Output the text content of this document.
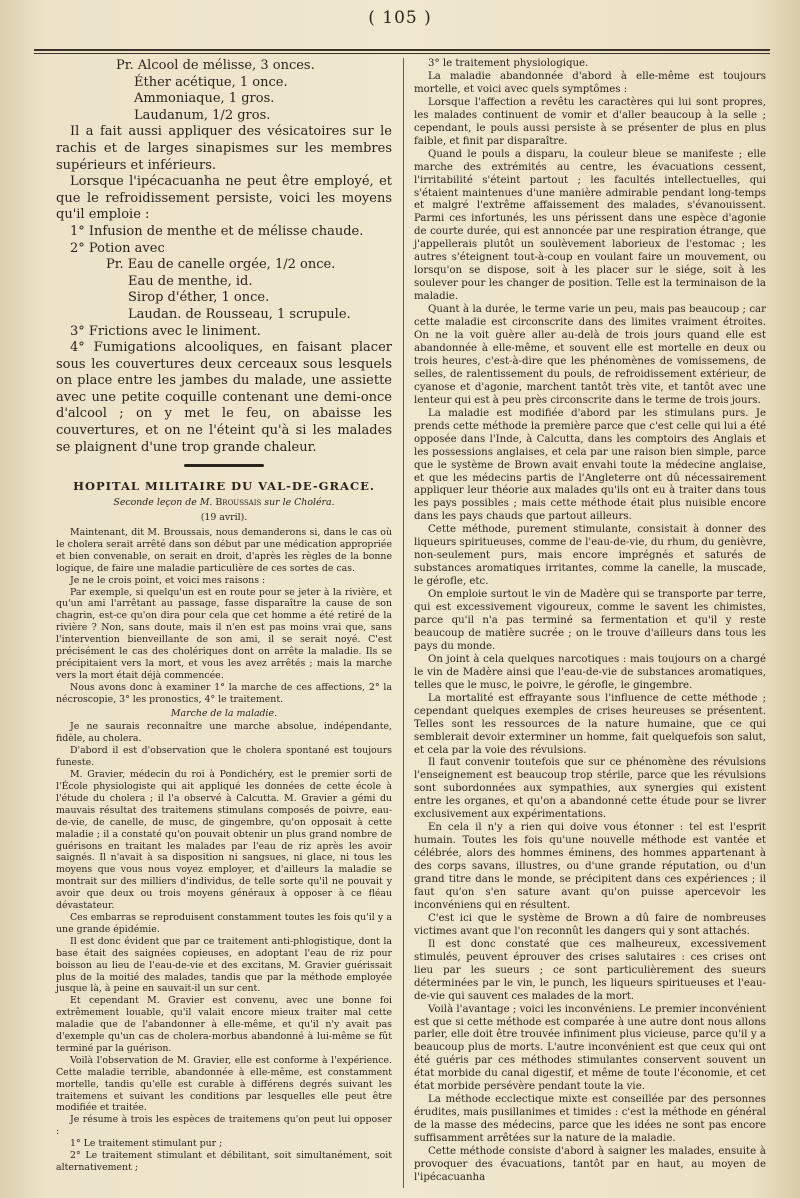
( 105 )
Pr. Alcool de mélisse, 3 onces.
Éther acétique, 1 once.
Ammoniaque, 1 gros.
Laudanum, 1/2 gros.

Il a fait aussi appliquer des vésicatoires sur le rachis et de larges sinapismes sur les membres supérieurs et inférieurs.

Lorsque l'ipécacuanha ne peut être employé, et que le refroidissement persiste, voici les moyens qu'il emploie :

1° Infusion de menthe et de mélisse chaude.

2° Potion avec

Pr. Eau de canelle orgée, 1/2 once.
Eau de menthe, id.
Sirop d'éther, 1 once.
Laudan. de Rousseau, 1 scrupule.

3° Frictions avec le liniment.

4° Fumigations alcooliques, en faisant placer sous les couvertures deux cerceaux sous lesquels on place entre les jambes du malade, une assiette avec une petite coquille contenant une demi-once d'alcool ; on y met le feu, on abaisse les couvertures, et on ne l'éteint qu'à si les malades se plaignent d'une trop grande chaleur.

HOPITAL MILITAIRE DU VAL-DE-GRACE.

Seconde leçon de M. Broussais sur le Choléra.

(19 avril).

Maintenant, dit M. Broussais, nous demanderons si, dans le cas où le cholera serait arrêté dans son début par une médication appropriée et bien convenable, on serait en droit, d'après les règles de la bonne logique, de faire une maladie particulière de ces sortes de cas.

Je ne le crois point, et voici mes raisons :

Par exemple, si quelqu'un est en route pour se jeter à la rivière, et qu'un ami l'arrêtant au passage, fasse disparaître la cause de son chagrin, est-ce qu'on dira pour cela que cet homme a été retiré de la rivière ? Non, sans doute, mais il n'en est pas moins vrai que, sans l'intervention bienveillante de son ami, il se serait noyé. C'est précisément le cas des cholériques dont on arrête la maladie. Ils se précipitaient vers la mort, et vous les avez arrêtés ; mais la marche vers la mort était déjà commencée.

Nous avons donc à examiner 1° la marche de ces affections, 2° la nécroscopie, 3° les pronostics, 4° le traitement.

Marche de la maladie.

Je ne saurais reconnaître une marche absolue, indépendante, fidèle, au cholera.

D'abord il est d'observation que le cholera spontané est toujours funeste.

M. Gravier, médecin du roi à Pondichéry, est le premier sorti de l'École physiologiste qui ait appliqué les données de cette école à l'étude du cholera ; il l'a observé à Calcutta. M. Gravier a gémi du mauvais résultat des traitemens stimulans composés de poivre, eau-de-vie, de canelle, de musc, de gingembre, qu'on opposait à cette maladie ; il a constaté qu'on pouvait obtenir un plus grand nombre de guérisons en traitant les malades par l'eau de riz après les avoir saignés. Il n'avait à sa disposition ni sangsues, ni glace, ni tous les moyens que vous nous voyez employer, et d'ailleurs la maladie se montrait sur des milliers d'individus, de telle sorte qu'il ne pouvait y avoir que deux ou trois moyens généraux à opposer à ce fléau dévastateur.

Ces embarras se reproduisent constamment toutes les fois qu'il y a une grande épidémie.

Il est donc évident que par ce traitement anti-phlogistique, dont la base était des saignées copieuses, en adoptant l'eau de riz pour boisson au lieu de l'eau-de-vie et des excitans, M. Gravier guérissait plus de la moitié des malades, tandis que par la méthode employée jusque là, à peine en sauvait-il un sur cent.

Et cependant M. Gravier est convenu, avec une bonne foi extrêmement louable, qu'il valait encore mieux traiter mal cette maladie que de l'abandonner à elle-même, et qu'il n'y avait pas d'exemple qu'un cas de cholera-morbus abandonné à lui-même se fût terminé par la guérison.

Voilà l'observation de M. Gravier, elle est conforme à l'expérience. Cette maladie terrible, abandonnée à elle-même, est constamment mortelle, tandis qu'elle est curable à différens degrés suivant les traitemens et suivant les conditions par lesquelles elle peut être modifiée et traitée.

Je résume à trois les espèces de traitemens qu'on peut lui opposer :

1° Le traitement stimulant pur ;

2° Le traitement stimulant et débilitant, soit simultanément, soit alternativement ;

3° le traitement physiologique.

La maladie abandonnée d'abord à elle-même est toujours mortelle, et voici avec quels symptômes :

Lorsque l'affection a revêtu les caractères qui lui sont propres, les malades continuent de vomir et d'aller beaucoup à la selle ; cependant, le pouls aussi persiste à se présenter de plus en plus faible, et finit par disparaître.

Quand le pouls a disparu, la couleur bleue se manifeste ; elle marche des extrémités au centre, les évacuations cessent, l'irritabilité s'éteint partout ; les facultés intellectuelles, qui s'étaient maintenues d'une manière admirable pendant long-temps et malgré l'extrême affaissement des malades, s'évanouissent. Parmi ces infortunés, les uns périssent dans une espèce d'agonie de courte durée, qui est annoncée par une respiration étrange, que j'appellerais plutôt un soulèvement laborieux de l'estomac ; les autres s'éteignent tout-à-coup en voulant faire un mouvement, ou lorsqu'on se dispose, soit à les placer sur le siége, soit à les soulever pour les changer de position. Telle est la terminaison de la maladie.

Quant à la durée, le terme varie un peu, mais pas beaucoup ; car cette maladie est circonscrite dans des limites vraiment étroites. On ne la voit guère aller au-delà de trois jours quand elle est abandonnée à elle-même, et souvent elle est mortelle en deux ou trois heures, c'est-à-dire que les phénomènes de vomissemens, de selles, de ralentissement du pouls, de refroidissement extérieur, de cyanose et d'agonie, marchent tantôt très vite, et tantôt avec une lenteur qui est à peu près circonscrite dans le terme de trois jours.

La maladie est modifiée d'abord par les stimulans purs. Je prends cette méthode la première parce que c'est celle qui lui a été opposée dans l'Inde, à Calcutta, dans les comptoirs des Anglais et les possessions anglaises, et cela par une raison bien simple, parce que le système de Brown avait envahi toute la médecine anglaise, et que les médecins partis de l'Angleterre ont dû nécessairement appliquer leur théorie aux malades qu'ils ont eu à traiter dans tous les pays possibles ; mais cette méthode était plus nuisible encore dans les pays chauds que partout ailleurs.

Cette méthode, purement stimulante, consistait à donner des liqueurs spiritueuses, comme de l'eau-de-vie, du rhum, du genièvre, non-seulement purs, mais encore imprégnés et saturés de substances aromatiques irritantes, comme la canelle, la muscade, le gérofle, etc.

On emploie surtout le vin de Madère qui se transporte par terre, qui est excessivement vigoureux, comme le savent les chimistes, parce qu'il n'a pas terminé sa fermentation et qu'il y reste beaucoup de matière sucrée ; on le trouve d'ailleurs dans tous les pays du monde.

On joint à cela quelques narcotiques : mais toujours on a chargé le vin de Madère ainsi que l'eau-de-vie de substances aromatiques, telles que le musc, le poivre, le gérofle, le gingembre.

La mortalité est effrayante sous l'influence de cette méthode ; cependant quelques exemples de crises heureuses se présentent. Telles sont les ressources de la nature humaine, que ce qui semblerait devoir exterminer un homme, fait quelquefois son salut, et cela par la voie des révulsions.

Il faut convenir toutefois que sur ce phénomène des révulsions l'enseignement est beaucoup trop stérile, parce que les révulsions sont subordonnées aux sympathies, aux synergies qui existent entre les organes, et qu'on a abandonné cette étude pour se livrer exclusivement aux expérimentations.

En cela il n'y a rien qui doive vous étonner : tel est l'esprit humain. Toutes les fois qu'une nouvelle méthode est vantée et célébrée, alors des hommes éminens, des hommes appartenant à des corps savans, illustres, ou d'une grande réputation, ou d'un grand titre dans le monde, se précipitent dans ces expériences ; il faut qu'on s'en sature avant qu'on puisse apercevoir les inconvéniens qui en résultent.

C'est ici que le système de Brown a dû faire de nombreuses victimes avant que l'on reconnût les dangers qui y sont attachés.

Il est donc constaté que ces malheureux, excessivement stimulés, peuvent éprouver des crises salutaires : ces crises ont lieu par les sueurs ; ce sont particulièrement des sueurs déterminées par le vin, le punch, les liqueurs spiritueuses et l'eau-de-vie qui sauvent ces malades de la mort.

Voilà l'avantage ; voici les inconvéniens. Le premier inconvénient est que si cette méthode est comparée à une autre dont nous allons parler, elle doit être trouvée infiniment plus vicieuse, parce qu'il y a beaucoup plus de morts. L'autre inconvénient est que ceux qui ont été guéris par ces méthodes stimulantes conservent souvent un état morbide du canal digestif, et même de toute l'économie, et cet état morbide persévère pendant toute la vie.

La méthode ecclectique mixte est conseillée par des personnes érudites, mais pusillanimes et timides : c'est la méthode en général de la masse des médecins, parce que les idées ne sont pas encore suffisamment arrêtées sur la nature de la maladie.

Cette méthode consiste d'abord à saigner les malades, ensuite à provoquer des évacuations, tantôt par en haut, au moyen de l'ipécacuanha
